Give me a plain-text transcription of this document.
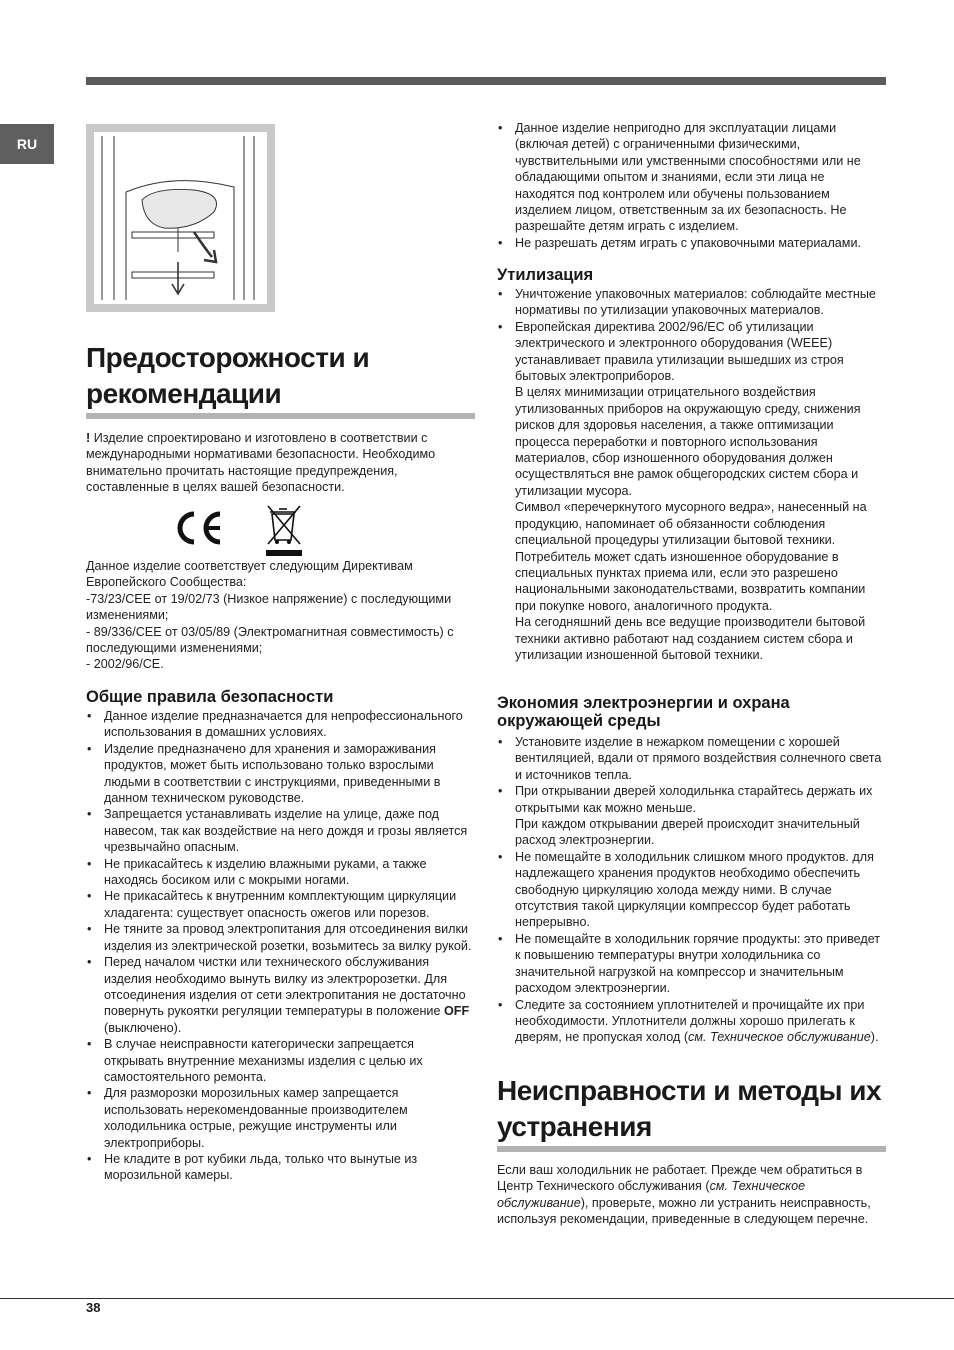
RU
Предосторожности и
рекомендации

! Изделие спроектировано и изготовлено в соответствии с международными нормативами безопасности. Необходимо внимательно прочитать настоящие предупреждения, составленные в целях вашей безопасности.

Данное изделие соответствует следующим Директивам Европейского Сообщества:

-73/23/CEE от 19/02/73 (Низкое напряжение) с последующими изменениями;

- 89/336/CEE от 03/05/89 (Электромагнитная совместимость) с последующими изменениями;

- 2002/96/CE.

Общие правила безопасности
• Данное изделие предназначается для непрофессионального использования в домашних условиях.
• Изделие предназначено для хранения и замораживания продуктов, может быть использовано только взрослыми людьми в соответствии с инструкциями, приведенными в данном техническом руководстве.
• Запрещается устанавливать изделие на улице, даже под навесом, так как воздействие на него дождя и грозы является чрезвычайно опасным.
• Не прикасайтесь к изделию влажными руками, а также находясь босиком или с мокрыми ногами.
• Не прикасайтесь к внутренним комплектующим циркуляции хладагента: существует опасность ожегов или порезов.
• Не тяните за провод электропитания для отсоединения вилки изделия из электрической розетки, возьмитесь за вилку рукой.
• Перед началом чистки или технического обслуживания изделия необходимо вынуть вилку из электророзетки. Для отсоединения изделия от сети электропитания не достаточно повернуть рукоятки регуляции температуры в положение OFF (выключено).
• В случае неисправности категорически запрещается открывать внутренние механизмы изделия с целью их самостоятельного ремонта.
• Для разморозки морозильных камер запрещается использовать нерекомендованные производителем холодильника острые, режущие инструменты или электроприборы.
• Не кладите в рот кубики льда, только что вынутые из морозильной камеры.
• Данное изделие непригодно для эксплуатации лицами (включая детей) с ограниченными физическими, чувствительными или умственными способностями или не обладающими опытом и знаниями, если эти лица не находятся под контролем или обучены пользованием изделием лицом, ответственным за их безопасность. Не разрешайте детям играть с изделием.
• Не разрешать детям играть с упаковочными материалами.
Утилизация
• Уничтожение упаковочных материалов: соблюдайте местные нормативы по утилизации упаковочных материалов.
• Европейская директива 2002/96/EC об утилизации электрического и электронного оборудования (WEEE) устанавливает правила утилизации вышедших из строя бытовых электроприборов.
В целях минимизации отрицательного воздействия утилизованных приборов на окружающую среду, снижения рисков для здоровья населения, а также оптимизации процесса переработки и повторного использования материалов, сбор изношенного оборудования должен осуществляться вне рамок общегородских систем сбора и утилизации мусора.
Символ «перечеркнутого мусорного ведра», нанесенный на продукцию, напоминает об обязанности соблюдения специальной процедуры утилизации бытовой техники. Потребитель может сдать изношенное оборудование в специальных пунктах приема или, если это разрешено национальными законодательствами, возвратить компании при покупке нового, аналогичного продукта.
На сегодняшний день все ведущие производители бытовой техники активно работают над созданием систем сбора и утилизации изношенной бытовой техники.
Экономия электроэнергии и охрана
окружающей среды
• Установите изделие в нежарком помещении с хорошей вентиляцией, вдали от прямого воздействия солнечного света и источников тепла.
• При открывании дверей холодильнка старайтесь держать их открытыми как можно меньше.
При каждом открывании дверей происходит значительный расход электроэнергии.
• Не помещайте в холодильник слишком много продуктов. для надлежащего хранения продуктов необходимо обеспечить свободную циркуляцию холода между ними. В случае отсутствия такой циркуляции компрессор будет работать непрерывно.
• Не помещайте в холодильник горячие продукты: это приведет к повышению температуры внутри холодильника со значительной нагрузкой на компрессор и значительным расходом электроэнергии.
• Следите за состоянием уплотнителей и прочищайте их при необходимости. Уплотнители должны хорошо прилегать к дверям, не пропуская холод (см. Техническое обслуживание).
Неисправности и методы их
устранения

Если ваш холодильник не работает. Прежде чем обратиться в Центр Технического обслуживания (см. Техническое обслуживание), проверьте, можно ли устранить неисправность, используя рекомендации, приведенные в следующем перечне.

38
